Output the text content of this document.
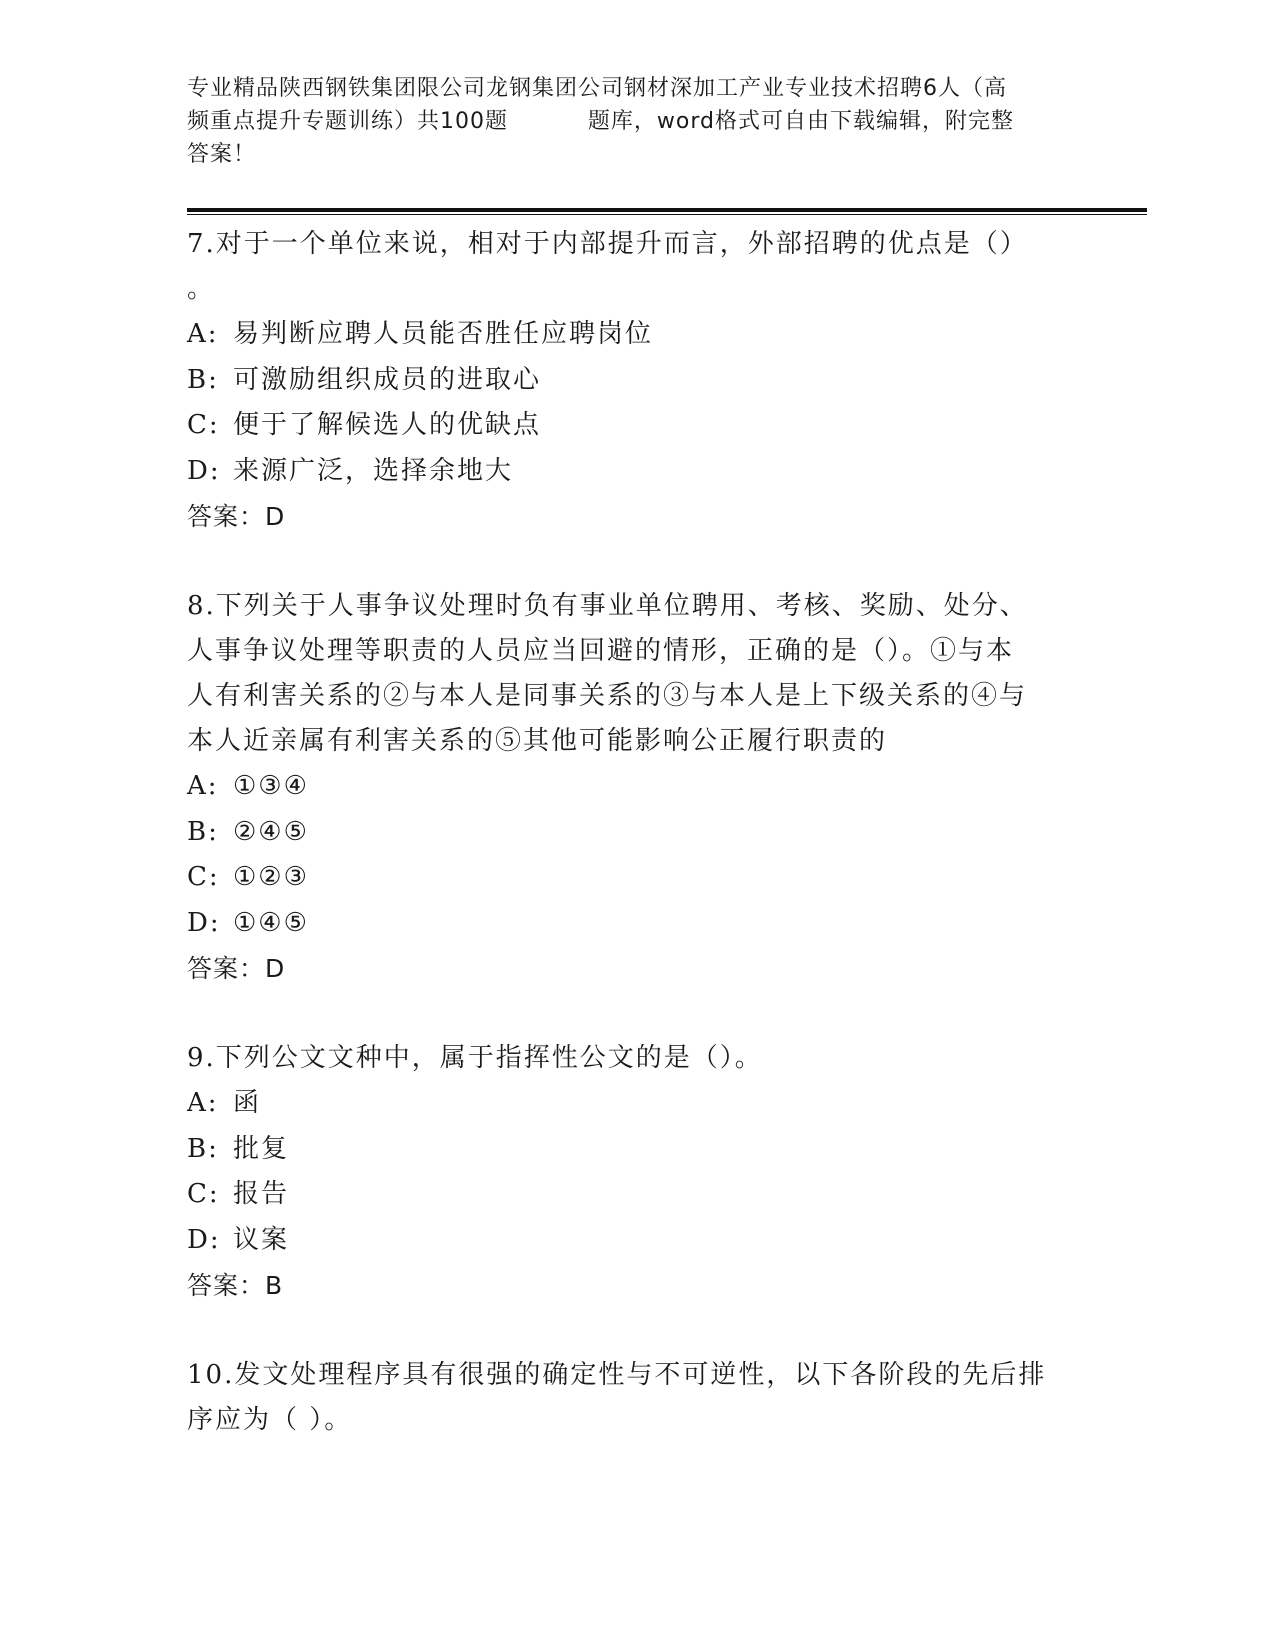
专业精品陕西钢铁集团限公司龙钢集团公司钢材深加工产业专业技术招聘6人（高
频重点提升专题训练）共100题          题库，word格式可自由下载编辑，附完整
答案！
7.对于一个单位来说，相对于内部提升而言，外部招聘的优点是（）
。
A: 易判断应聘人员能否胜任应聘岗位
B: 可激励组织成员的进取心
C: 便于了解候选人的优缺点
D: 来源广泛，选择余地大
答案：D
8.下列关于人事争议处理时负有事业单位聘用、考核、奖励、处分、
人事争议处理等职责的人员应当回避的情形，正确的是（）。①与本
人有利害关系的②与本人是同事关系的③与本人是上下级关系的④与
本人近亲属有利害关系的⑤其他可能影响公正履行职责的
A: ①③④
B: ②④⑤
C: ①②③
D: ①④⑤
答案：D
9.下列公文文种中，属于指挥性公文的是（）。
A: 函
B: 批复
C: 报告
D: 议案
答案：B
10.发文处理程序具有很强的确定性与不可逆性，以下各阶段的先后排
序应为（ ）。
